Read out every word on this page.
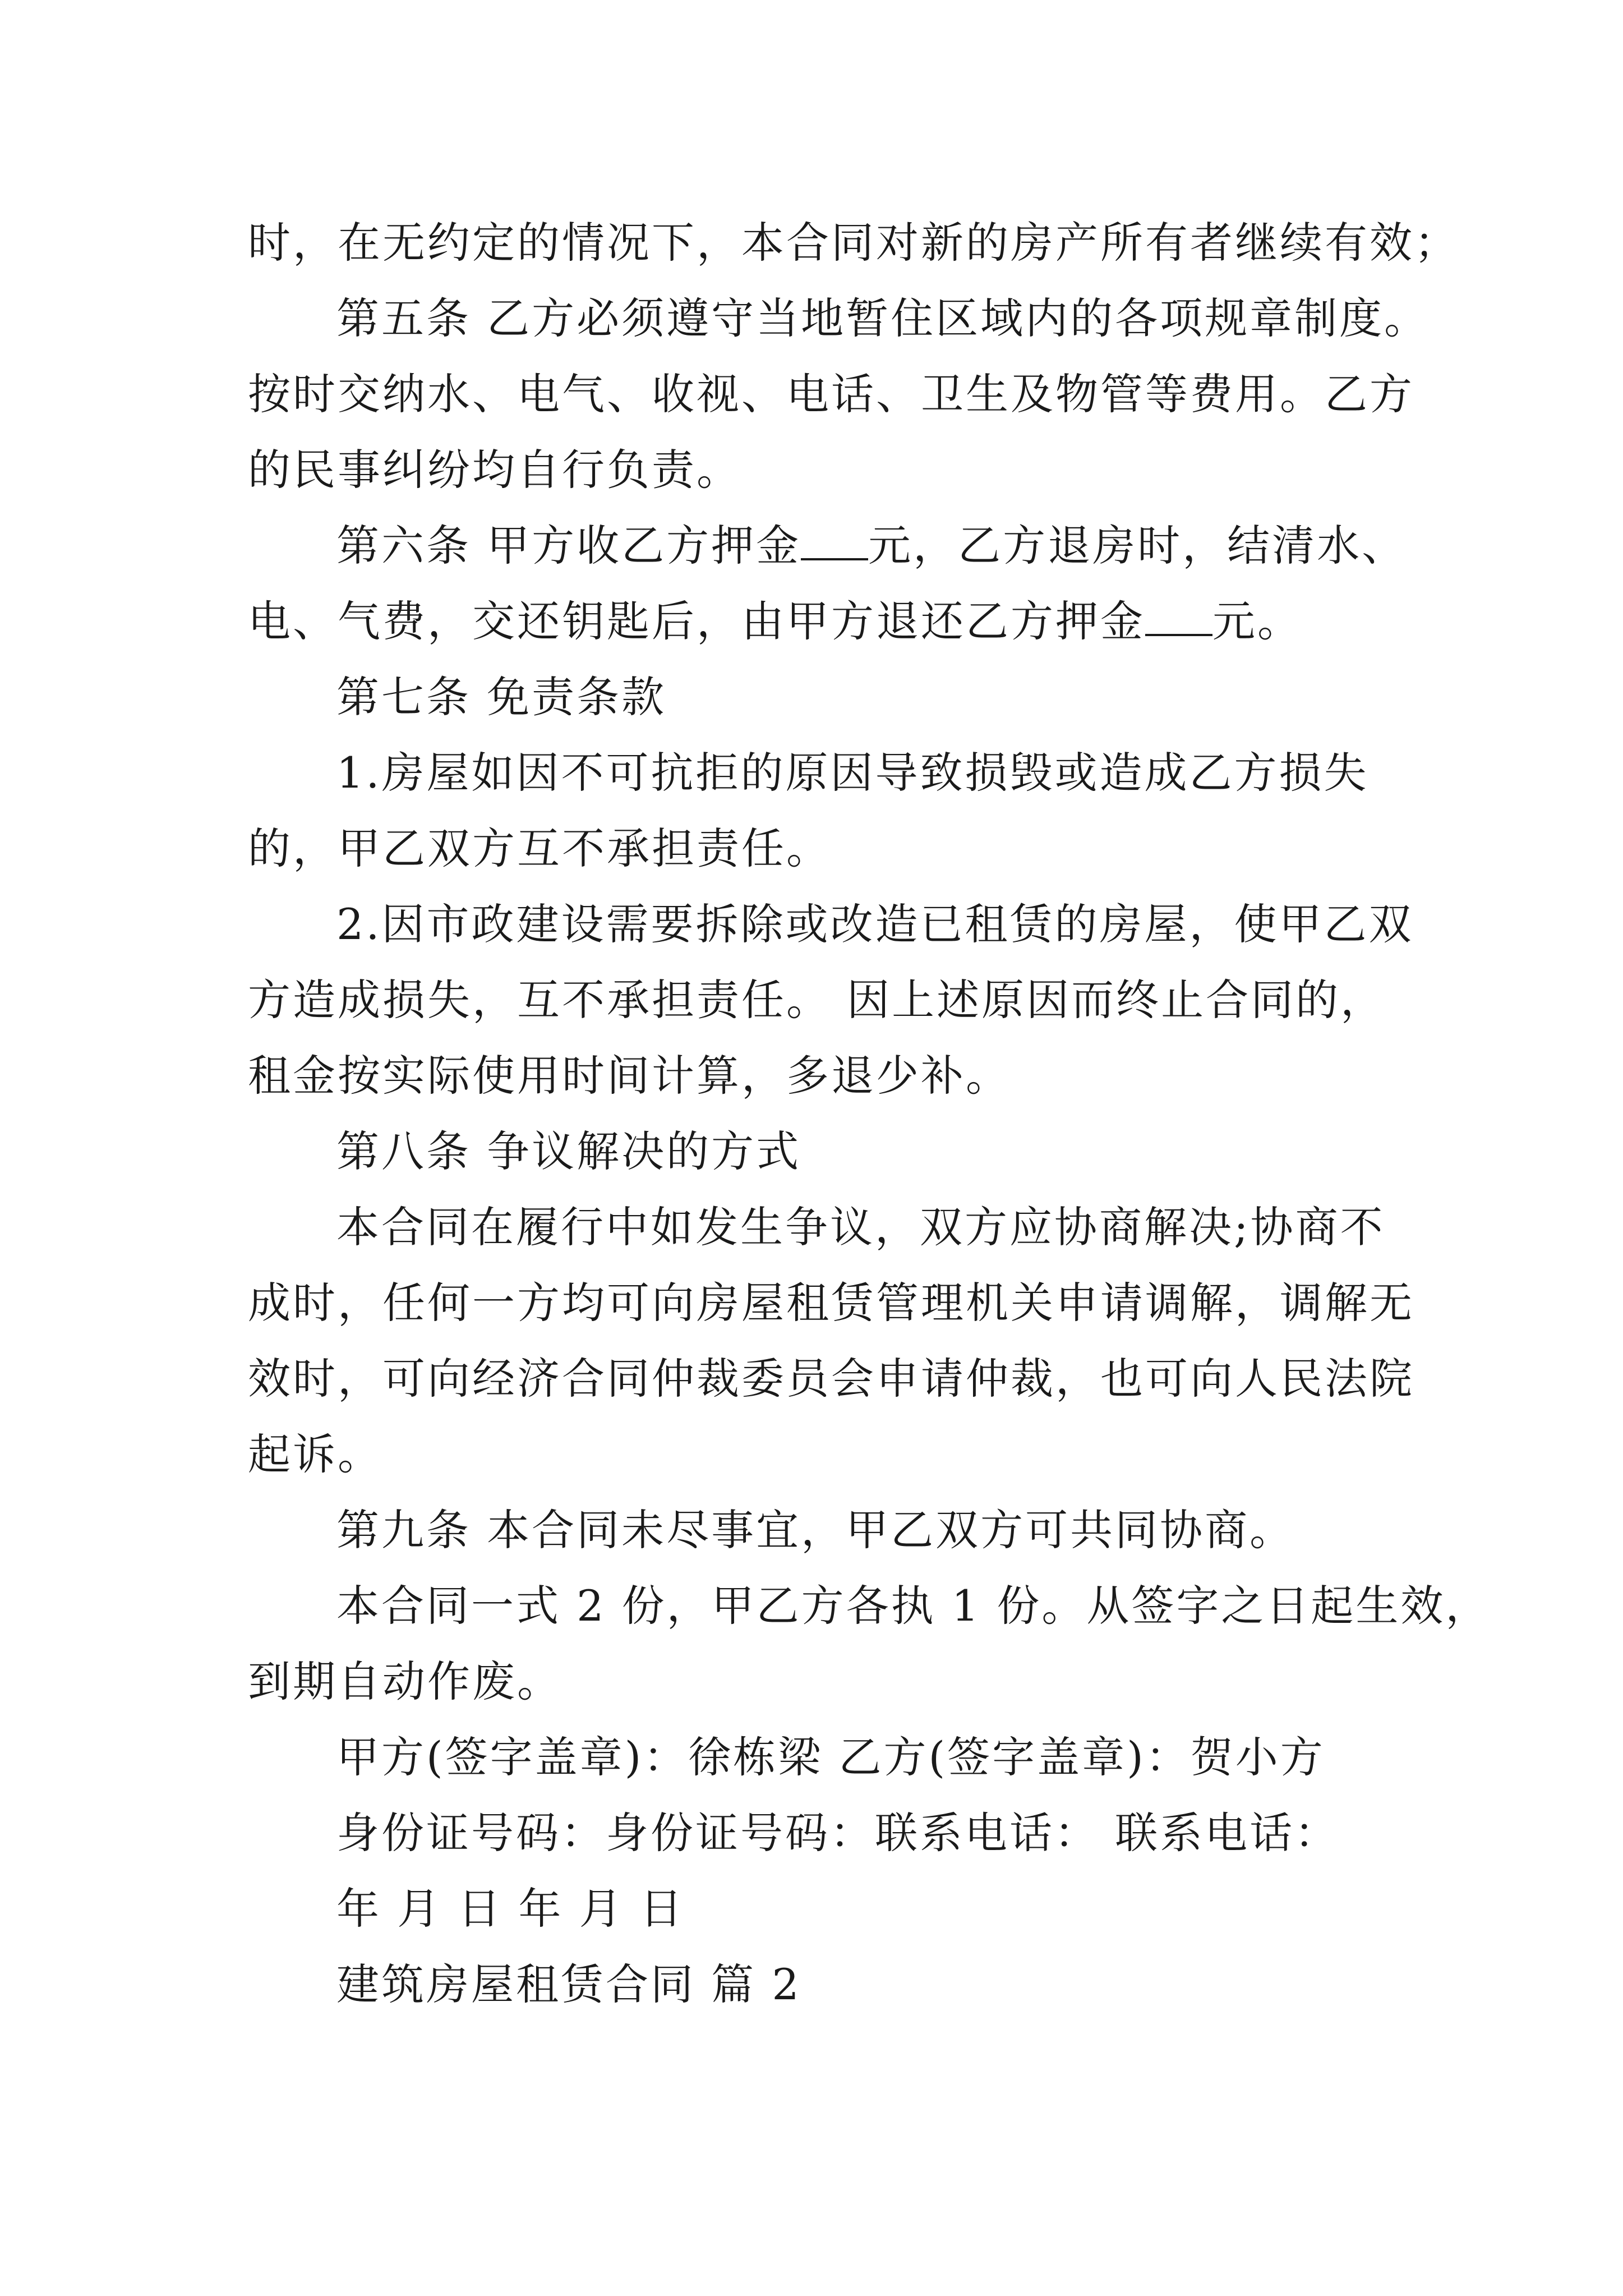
时，在无约定的情况下，本合同对新的房产所有者继续有效；
第五条 乙方必须遵守当地暂住区域内的各项规章制度。
按时交纳水、电气、收视、电话、卫生及物管等费用。乙方
的民事纠纷均自行负责。
第六条 甲方收乙方押金 元，乙方退房时，结清水、
电、气费，交还钥匙后，由甲方退还乙方押金 元。
第七条 免责条款
1.房屋如因不可抗拒的原因导致损毁或造成乙方损失
的，甲乙双方互不承担责任。
2.因市政建设需要拆除或改造已租赁的房屋，使甲乙双
方造成损失，互不承担责任。 因上述原因而终止合同的，
租金按实际使用时间计算，多退少补。
第八条 争议解决的方式
本合同在履行中如发生争议，双方应协商解决;协商不
成时，任何一方均可向房屋租赁管理机关申请调解，调解无
效时，可向经济合同仲裁委员会申请仲裁，也可向人民法院
起诉。
第九条 本合同未尽事宜，甲乙双方可共同协商。
本合同一式 2 份，甲乙方各执 1 份。从签字之日起生效，
到期自动作废。
甲方(签字盖章)：徐栋梁 乙方(签字盖章)：贺小方
身份证号码：身份证号码：联系电话： 联系电话：
年 月 日 年 月 日
建筑房屋租赁合同 篇 2
